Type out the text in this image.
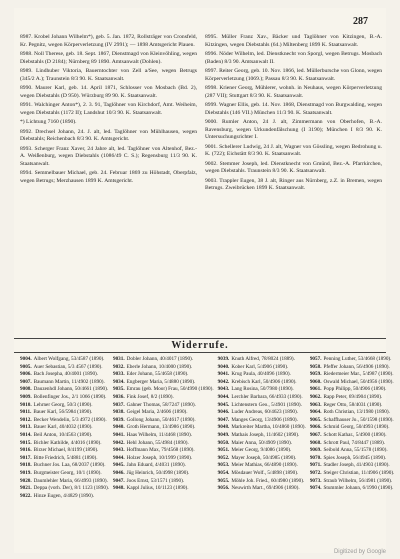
287

8987. Krobel Johann Wilhelm*), geb. 5. Jan. 1872, Rollsträger von Cronsfeld, Kr. Pegnitz, wegen Körperverletzung (IV 2991); — 1898 Amtsgericht Plauen.

8988. Noll Therese, geb. 18. Sept. 1867, Dienstmagd von Kleinvöhling, wegen Diebstahls (D 2184); Nürnberg 89 1890. Amtsanwalt (Dohlen).

8989. Lindhuber Viktoria, Bauerntochter von Zell a/See, wegen Betrugs (345/2 A.); Traunstein 8/3 90. K. Staatsanwalt.

8990. Maurer Karl, geb. 14. April 1871, Schlosser von Mosbach (Bd. 2), wegen Diebstahls (D 950). Würzburg 89 90. K. Staatsanwalt.

8991. Walchinger Anton*), 2. 3. 91, Taglöhner von Kirchdorf, Amt. Weiheim, wegen Diebstahls (1172 II); Landshut 10/3 90. K. Staatsanwalt.

*) Lichtung 7160 (1890).

8992. Drechsel Johann, 24. J. alt, led. Taglöhner von Mühlhausen, wegen Diebstahls; Reichenbach 8/3 90. K. Amtsgericht.

8993. Scherger Franz Xaver, 24 Jahre alt, led. Taglöhner von Altenhof, Bez.-A. Weißenburg, wegen Diebstahls (1086/49 C. S.); Regensburg 11/3 90. K. Staatsanwalt.

8994. Semmelbauer Michael, geb. 24. Februar 1869 zu Höhstadt, Oberpfalz, wegen Betrugs; Merzhausen 1899 K. Amtsgericht.

8995. Müller Franz Xav., Bäcker und Taglöhner von Kitzingen, B.-A. Kitzingen, wegen Diebstahls (64.) Miltenberg 1899 K. Staatsanwalt.

8996. Nöder Wilhelm, led. Dienstknecht von Sporgl, wegen Betrugs. Mosbach (Baden) 8/3 90. Amtsanwalt II.

8997. Reiter Georg, geb. 10. Nov. 1866, led. Müllerbursche von Glonn, wegen Körperverletzung (1069.); Passau 8/3 90. K. Staatsanwalt.

8998. Kriener Georg, Mühlerer, wohnh. in Neuhaus, wegen Körperverletzung (287 VII); Stuttgart 8/3 90. K. Staatsanwalt.

8999. Wagner Ellis, geb. 14. Nov. 1868, Dienstmagd von Burgwalding, wegen Diebstahls (146 VII.) München 11/3 90. K. Staatsanwalt.

9000. Rumler Anton, 24 J. alt, Zimmermann von Oberhofen, B.-A. Ravensburg, wegen Urkundenfälschung (I 3190); München I 8/3 90. K. Untersuchungsrichter I.

9001. Schellerer Ludwig, 24 J. alt, Wagner von Gössling, wegen Bedrohung u. K. (722); Eichstätt 8/3 90. K. Staatsanwalt.

9002. Stemmer Joseph, led. Dienstknecht von Gmünd, Bez.-A. Pfarrkirchen, wegen Diebstahls. Traunstein 8/3 90. K. Staatsanwalt.

9003. Trappler Eugen, 38 J. alt, Ringer aus Nürnberg, z.Z. in Bremen, wegen Betrugs. Zweibrücken 1899 K. Staatsanwalt.

Widerrufe.
9004. Albert Wolfgang, 53/4587 (1890).
9005. Auer Sebastian, 5/3 4567 (1890).
9006. Bach Josepha, 40/4001 (1890).
9007. Baumann Martin, 11/4902 (1890).
9008. Dauzenhdl Johann, 50/4661 (1890).
9009. Bollenfinger Jos., 2/1 1066 (1890).
9010. Lehrner Georg, 50/3 (1890).
9011. Bauer Karl, 56/5984 (1890).
9012. Becker Wendelin, 5/3 4972 (1890).
9013. Bauer Karl, 40/4032 (1890).
9014. Beil Anton, 10/4563 (1890).
9015. Bichler Kathilde, 4/4016 (1890).
9016. Birzer Michael, 8/4199 (1890).
9017. Bitte Friedrich, 5/4881 (1890).
9018. Buchner Jos. Laa, 68/2037 (1890).
9019. Burgmeister Georg, 10/1 (1890).
9020. Daumlehler Maria, 66/4993 (1890).
9021. Deppa (vorh. Der), 8/1 1123 (1890).
9022. Hinze Eugen, 4/4829 (1890).
9031. Dobler Johann, 40/4017 (1890).
9032. Eberle Johann, 10/4000 (1890).
9033. Eder Johann, 55/4658 (1890).
9034. Engberger Maria, 5/4880 (1890).
9035. Emrau (geb. Moor) Frau, 50/4990 (1890).
9036. Fink Josef, 8/2 (1890).
9037. Gahner Thomas, 58/7247 (1890).
9038. Geigel Maria, 2/4606 (1890).
9039. Gollong Johann, 50/4617 (1890).
9040. Groth Hermann, 13/4986 (1890).
9041. Haas Wilhelm, 11/4468 (1890).
9042. Hehl Johann, 55/4984 (1890).
9043. Hoffmann Max, 79/4568 (1890).
9044. Holzer Joseph, 10/1999 (1890).
9045. Jahn Eduard, 4/4031 (1890).
9046. Jüg Heinrich, 50/4998 (1890).
9047. Joos Ernst, 53/1571 (1890).
9048. Kappl Julius, 10/1123 (1890).
9039. Knuth Alfred, 78/8024 (1889).
9040. Kober Karl, 5/4906 (1890).
9041. Krug Paula, 40/4096 (1890).
9042. Krebisch Karl, 50/4906 (1890).
9043. Lang Rosina, 50/7980 (1890).
9044. Lerchler Barbara, 66/4933 (1890).
9045. Lichtenstern Geo., 5/4901 (1890).
9046. Luder Andreas, 60/4623 (1890).
9047. Manges Georg, 13/4906 (1890).
9048. Markreiter Martha, 10/4860 (1890).
9049. Mathais Joseph, 11/4602 (1890).
9050. Maier Anna, 50/4909 (1890).
9051. Meier Georg, 9/4086 (1890).
9052. Mayer Joseph, 50/4985 (1890).
9053. Meier Mathias, 66/4890 (1890).
9054. Mösdauer Wolf., 5/4898 (1890).
9055. Möhle Joh. Fried., 60/4980 (1890).
9056. Neuwirth Mart., 69/4906 (1890).
9057. Penning Luther, 53/4668 (1890).
9058. Pfeffer Johann, 56/4906 (1890).
9059. Riedermeier Mar., 5/4987 (1890).
9060. Oswald Michael, 50/4956 (1890).
9061. Popp Philipp, 50/4906 (1890).
9062. Rapp Peter, 69/4904 (1890).
9063. Reger Otto, 58/4031 (1890).
9064. Roth Christian, 13/1980 (1890).
9065. Schaffhauser Jo., 50/1598 (1890).
9066. Schmid Georg, 50/4993 (1890).
9067. Schott Kathar., 5/4900 (1890).
9068. Schrott Paul, 74/8447 (1889).
9069. Seibold Anna, 55/1578 (1890).
9070. Spies Joseph, 56/4945 (1890).
9071. Stadler Joseph, 41/4903 (1890).
9072. Steiger Christian, 11/4906 (1890).
9073. Straub Wilhelm, 56/4981 (1890).
9074. Stummler Johann, 6/1990 (1890).
Digitized by Google
